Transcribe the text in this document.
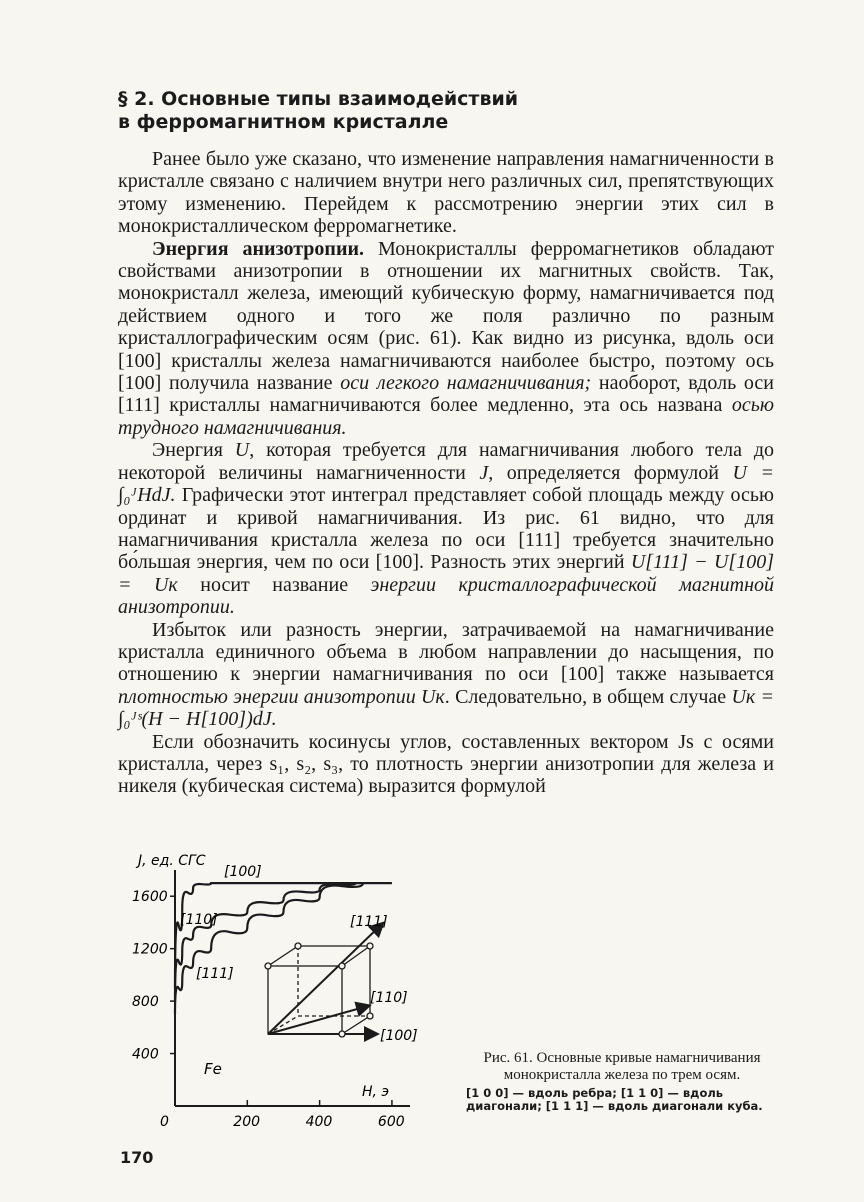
§ 2. Основные типы взаимодействий
в ферромагнитном кристалле

Ранее было уже сказано, что изменение направления намагниченности в кристалле связано с наличием внутри него различных сил, препятствующих этому изменению. Перейдем к рассмотрению энергии этих сил в монокристаллическом ферромагнетике.

Энергия анизотропии. Монокристаллы ферромагнетиков обладают свойствами анизотропии в отношении их магнитных свойств. Так, монокристалл железа, имеющий кубическую форму, намагничивается под действием одного и того же поля различно по разным кристаллографическим осям (рис. 61). Как видно из рисунка, вдоль оси [100] кристаллы железа намагничиваются наиболее быстро, поэтому ось [100] получила название оси легкого намагничивания; наоборот, вдоль оси [111] кристаллы намагничиваются более медленно, эта ось названа осью трудного намагничивания.

Энергия U, которая требуется для намагничивания любого тела до некоторой величины намагниченности J, определяется формулой U = ∫₀ᴶHdJ. Графически этот интеграл представляет собой площадь между осью ординат и кривой намагничивания. Из рис. 61 видно, что для намагничивания кристалла железа по оси [111] требуется значительно бо́льшая энергия, чем по оси [100]. Разность этих энергий U[111] − U[100] = Uк носит название энергии кристаллографической магнитной анизотропии.

Избыток или разность энергии, затрачиваемой на намагничивание кристалла единичного объема в любом направлении до насыщения, по отношению к энергии намагничивания по оси [100] также называется плотностью энергии анизотропии Uк. Следовательно, в общем случае Uк = ∫₀ᴶˢ(H − H[100])dJ.

Если обозначить косинусы углов, составленных вектором Js с осями кристалла, через s₁, s₂, s₃, то плотность энергии анизотропии для железа и никеля (кубическая система) выразится формулой

1600
1200
800
400
0	200	400	600
J, ед. СГС
H, э
Fe
[100]
[110]
[111]
[111]
[110]
[100]
Рис. 61. Основные кривые намагничивания монокристалла железа по трем осям.
[1 0 0] — вдоль ребра; [1 1 0] — вдоль диагонали; [1 1 1] — вдоль диагонали куба.
170
